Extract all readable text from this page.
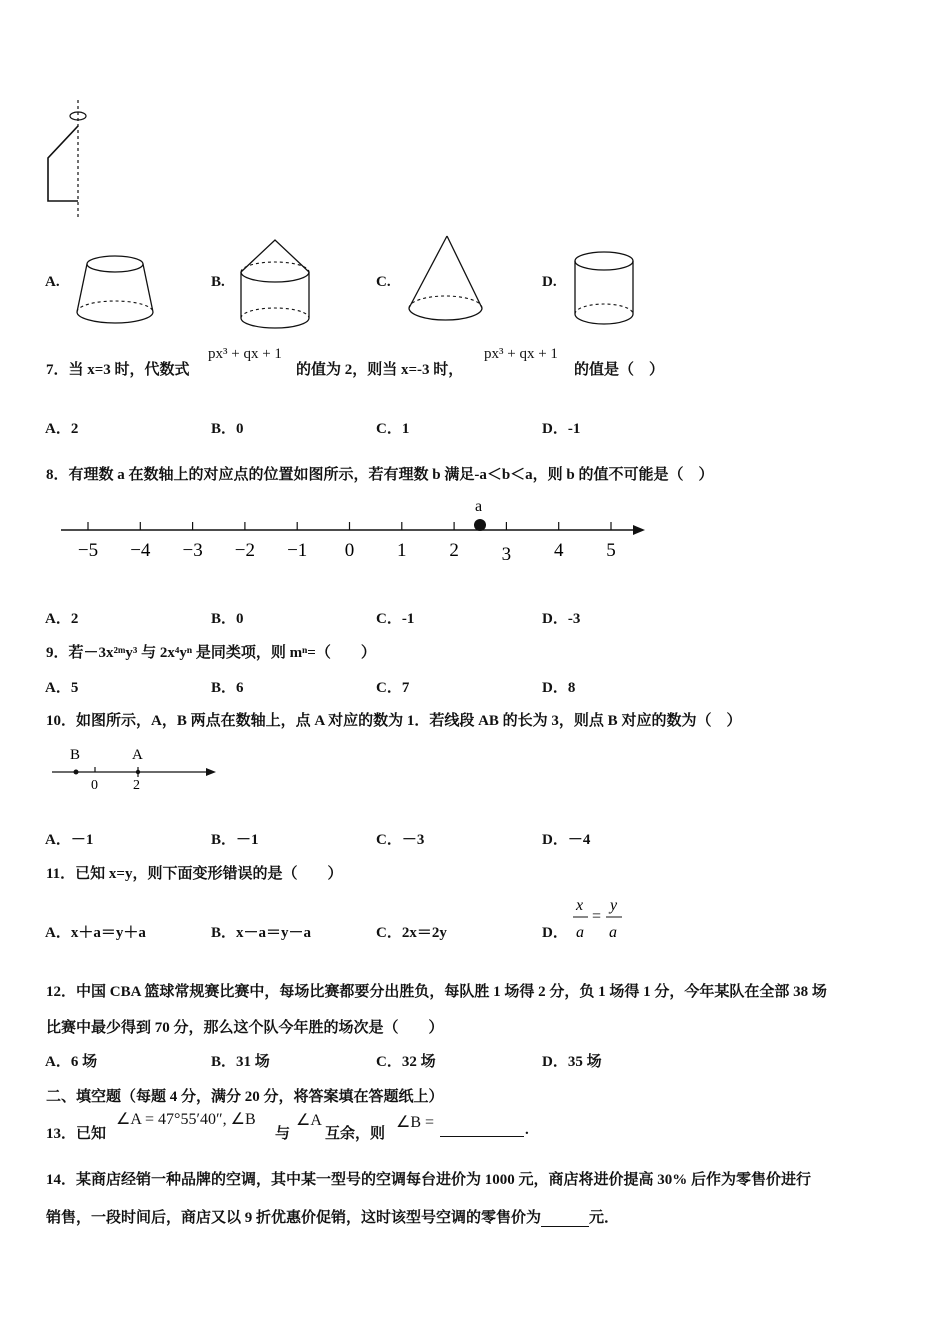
A.	B.	C.	D.
7．当 x=3 时，代数式
px³ + qx + 1
的值为 2，则当 x=-3 时，
px³ + qx + 1
的值是（　）
A．2	B．0	C．1	D．-1
8．有理数 a 在数轴上的对应点的位置如图所示，若有理数 b 满足-a＜b＜a，则 b 的值不可能是（　）
−5 −4 −3 −2 −1 0 1 2 3 4 5
a
A．2	B．0	C．-1	D．-3
9．若－3x²ᵐy³ 与 2x⁴yⁿ 是同类项，则 mⁿ=（　　）
A．5	B．6	C．7	D．8
10．如图所示，A，B 两点在数轴上，点 A 对应的数为 1．若线段 AB 的长为 3，则点 B 对应的数为（　）
B	A
0	2
A．－1	B．－1	C．－3	D．－4
11．已知 x=y，则下面变形错误的是（　　）
A．x＋a＝y＋a	B．x－a＝y－a	C．2x＝2y	D．
x
a
=
y
a
12．中国 CBA 篮球常规赛比赛中，每场比赛都要分出胜负，每队胜 1 场得 2 分，负 1 场得 1 分，今年某队在全部 38 场
比赛中最少得到 70 分，那么这个队今年胜的场次是（　　）
A．6 场	B．31 场	C．32 场	D．35 场
二、填空题（每题 4 分，满分 20 分，将答案填在答题纸上）
13．已知
∠A = 47°55′40″, ∠B
与
∠A
互余，则
∠B =	.
14．某商店经销一种品牌的空调，其中某一型号的空调每台进价为 1000 元，商店将进价提高 30% 后作为零售价进行
销售，一段时间后，商店又以 9 折优惠价促销，这时该型号空调的零售价为	元．
